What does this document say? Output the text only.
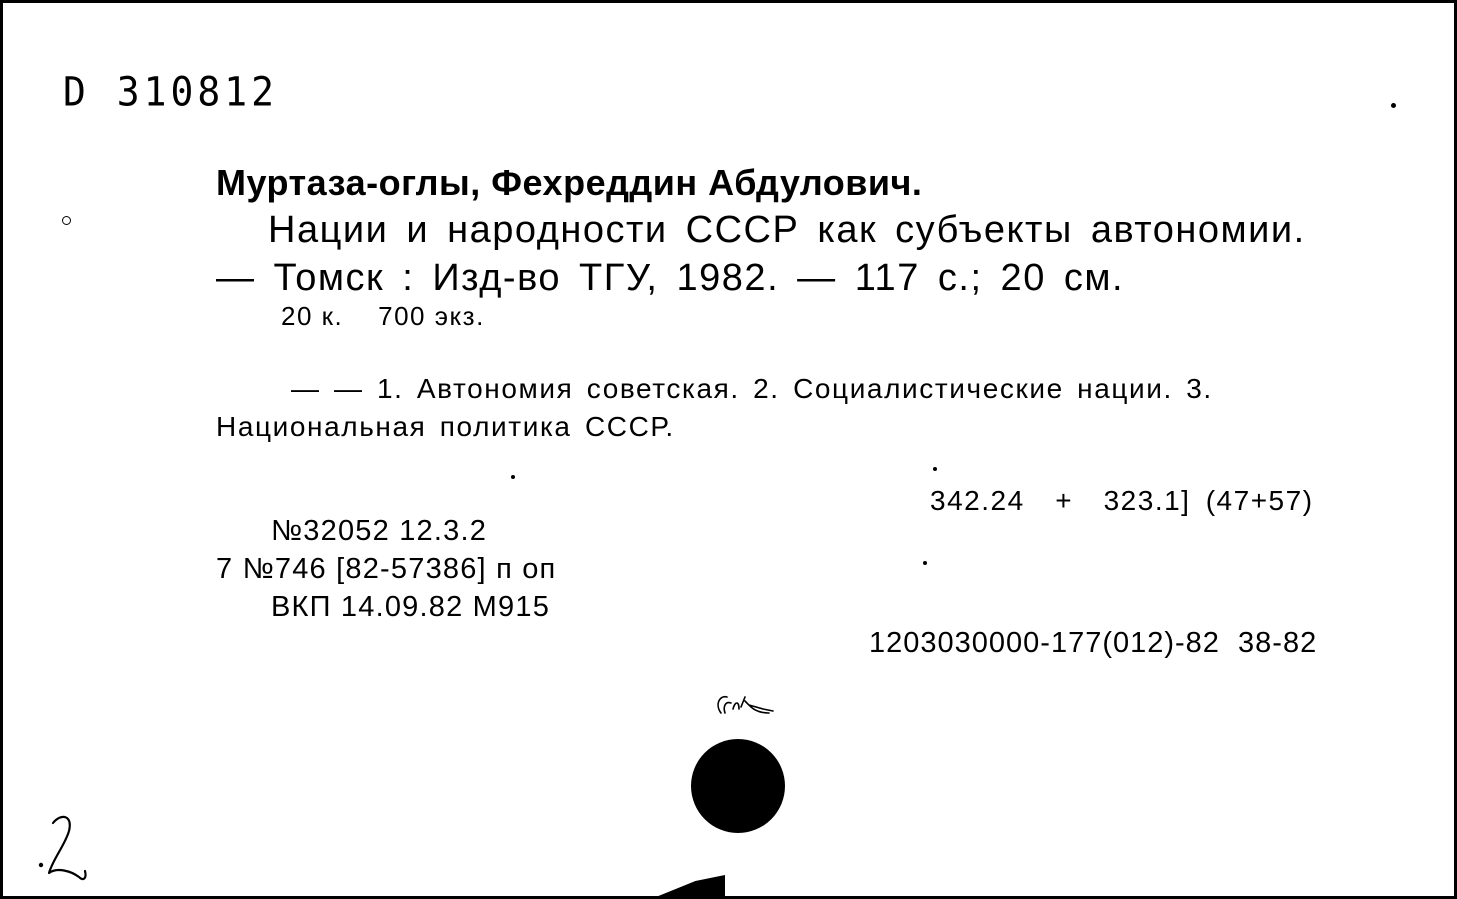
D 310812
Муртаза-оглы, Фехреддин Абдулович.
Нации и народности СССР как субъекты автономии.
— Томск : Изд-во ТГУ, 1982. — 117 с.; 20 см.
20 к.    700 экз.
— — 1. Автономия советская. 2. Социалистические нации. 3.
Национальная политика СССР.
342.24  +  323.1] (47+57)
№32052 12.3.2
7 №746 [82-57386] п оп
ВКП 14.09.82 М915
1203030000-177(012)-82  38-82
